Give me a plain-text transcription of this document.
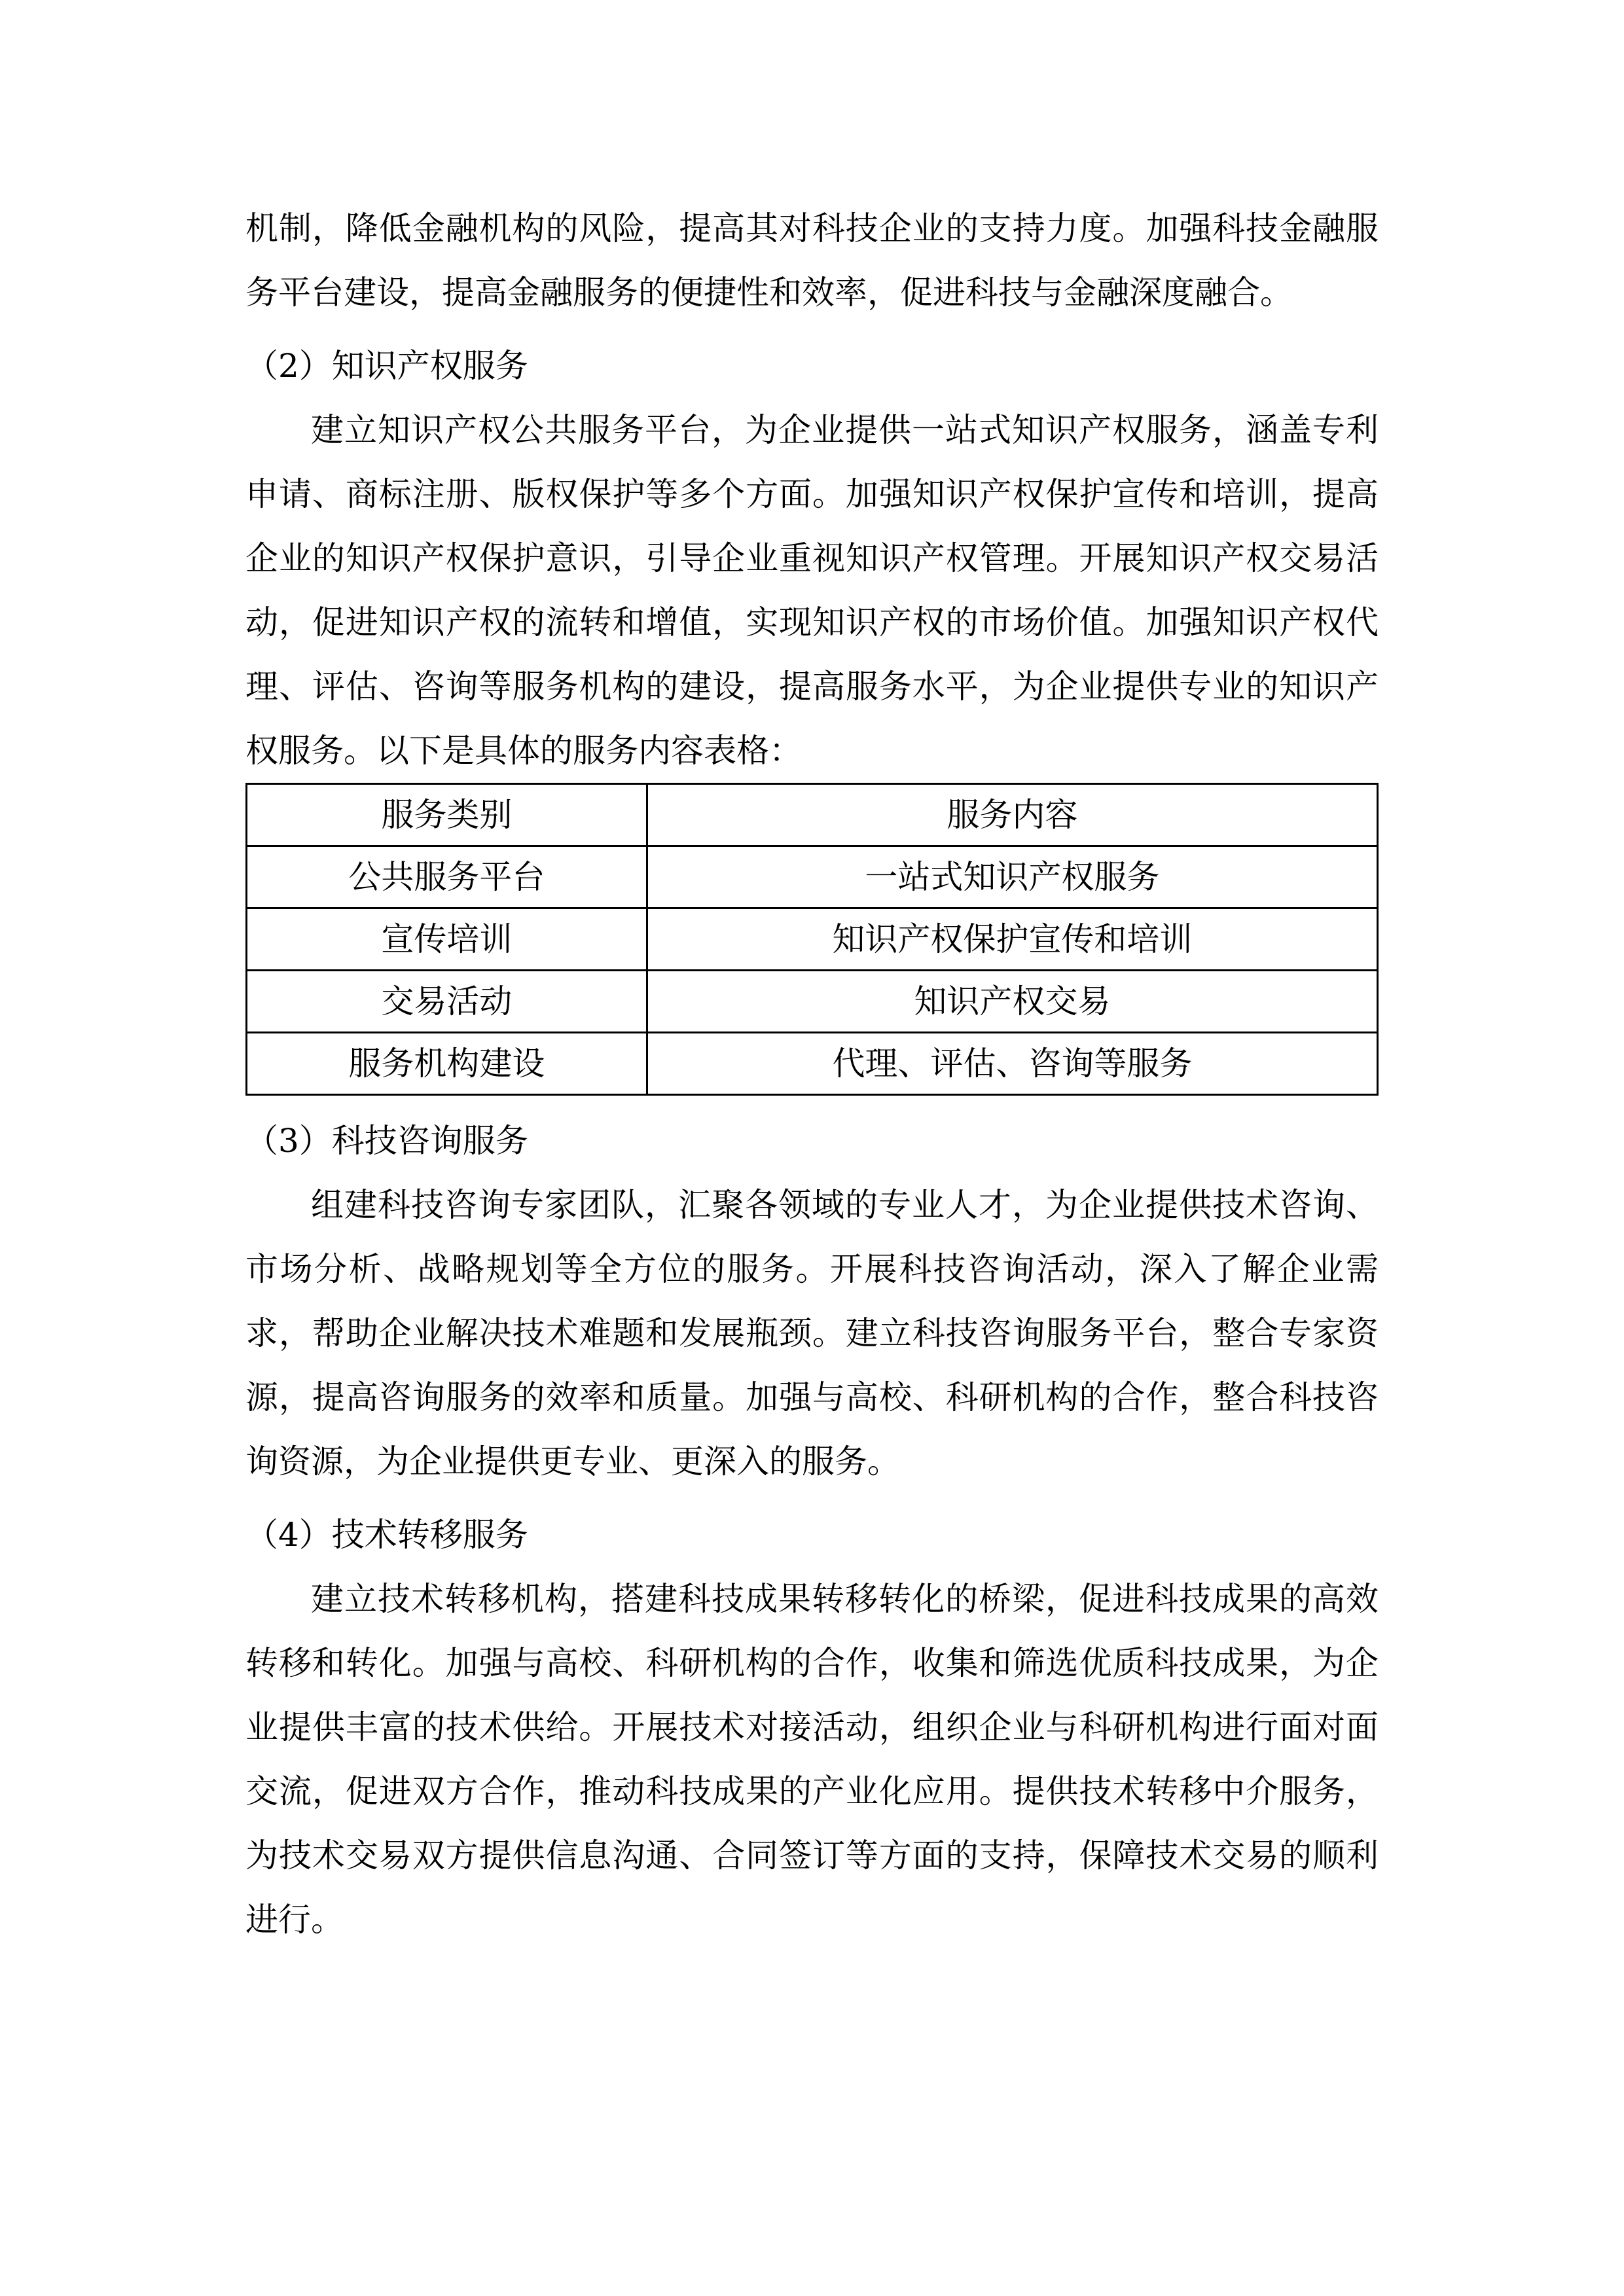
机制，降低金融机构的风险，提高其对科技企业的支持力度。加强科技金融服务平台建设，提高金融服务的便捷性和效率，促进科技与金融深度融合。

（2）知识产权服务

建立知识产权公共服务平台，为企业提供一站式知识产权服务，涵盖专利申请、商标注册、版权保护等多个方面。加强知识产权保护宣传和培训，提高企业的知识产权保护意识，引导企业重视知识产权管理。开展知识产权交易活动，促进知识产权的流转和增值，实现知识产权的市场价值。加强知识产权代理、评估、咨询等服务机构的建设，提高服务水平，为企业提供专业的知识产权服务。以下是具体的服务内容表格：

服务类别	服务内容
公共服务平台	一站式知识产权服务
宣传培训	知识产权保护宣传和培训
交易活动	知识产权交易
服务机构建设	代理、评估、咨询等服务

（3）科技咨询服务

组建科技咨询专家团队，汇聚各领域的专业人才，为企业提供技术咨询、市场分析、战略规划等全方位的服务。开展科技咨询活动，深入了解企业需求，帮助企业解决技术难题和发展瓶颈。建立科技咨询服务平台，整合专家资源，提高咨询服务的效率和质量。加强与高校、科研机构的合作，整合科技咨询资源，为企业提供更专业、更深入的服务。

（4）技术转移服务

建立技术转移机构，搭建科技成果转移转化的桥梁，促进科技成果的高效转移和转化。加强与高校、科研机构的合作，收集和筛选优质科技成果，为企业提供丰富的技术供给。开展技术对接活动，组织企业与科研机构进行面对面交流，促进双方合作，推动科技成果的产业化应用。提供技术转移中介服务，为技术交易双方提供信息沟通、合同签订等方面的支持，保障技术交易的顺利进行。
